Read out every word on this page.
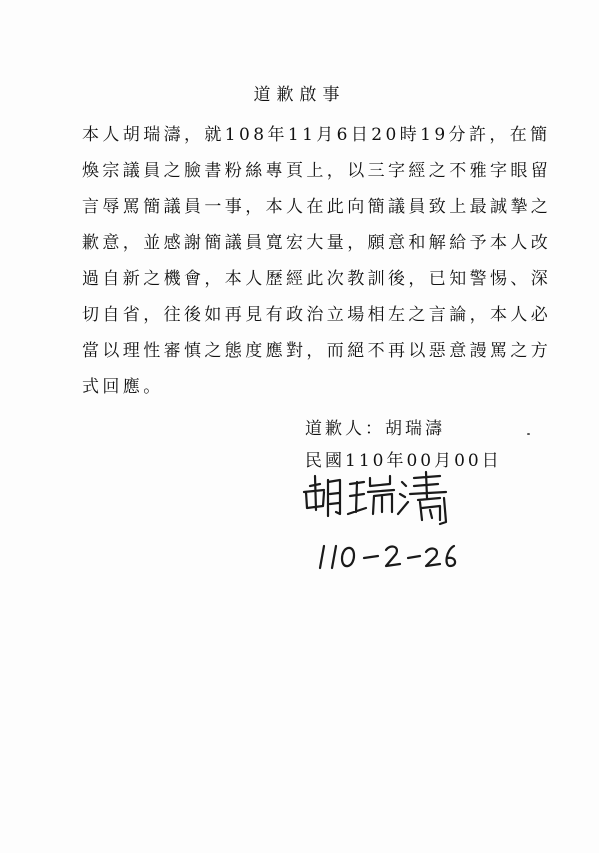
道歉啟事
本人胡瑞濤，就108年11月6日20時19分許，在簡
煥宗議員之臉書粉絲專頁上，以三字經之不雅字眼留
言辱罵簡議員一事，本人在此向簡議員致上最誠摯之
歉意，並感謝簡議員寬宏大量，願意和解給予本人改
過自新之機會，本人歷經此次教訓後，已知警惕、深
切自省，往後如再見有政治立場相左之言論，本人必
當以理性審慎之態度應對，而絕不再以惡意謾罵之方
式回應。
道歉人：胡瑞濤
民國110年00月00日
